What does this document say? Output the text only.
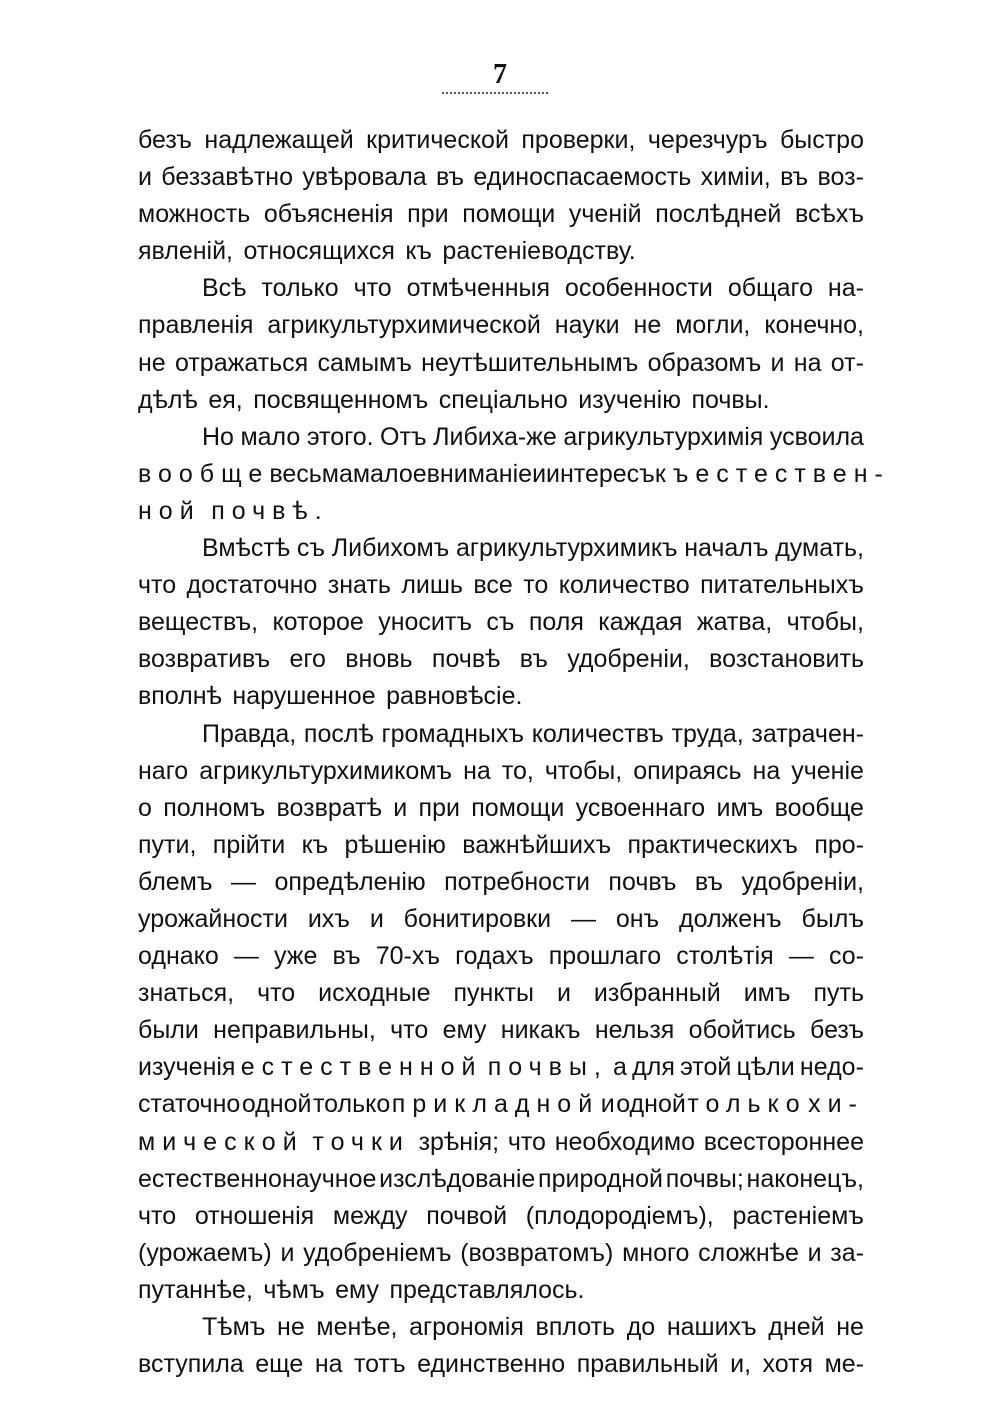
7
безъ надлежащей критической проверки, черезчуръ быстро
и беззавѣтно увѣровала въ единоспасаемость химіи, въ воз-
можность объясненія при помощи ученій послѣдней всѣхъ
явленій, относящихся къ растеніеводству.
Всѣ только что отмѣченныя особенности общаго на-
правленія агрикультурхимической науки не могли, конечно,
не отражаться самымъ неутѣшительнымъ образомъ и на от-
дѣлѣ ея, посвященномъ спеціально изученію почвы.
Но мало этого. Отъ Либиха-же агрикультурхимія усвоила
вообще весьма малое вниманіе и интересъ къ естествен-
ной почвѣ.
Вмѣстѣ съ Либихомъ агрикультурхимикъ началъ думать,
что достаточно знать лишь все то количество питательныхъ
веществъ, которое уноситъ съ поля каждая жатва, чтобы,
возвративъ его вновь почвѣ въ удобреніи, возстановить
вполнѣ нарушенное равновѣсіе.
Правда, послѣ громадныхъ количествъ труда, затрачен-
наго агрикультурхимикомъ на то, чтобы, опираясь на ученіе
о полномъ возвратѣ и при помощи усвоеннаго имъ вообще
пути, прійти къ рѣшенію важнѣйшихъ практическихъ про-
блемъ — опредѣленію потребности почвъ въ удобреніи,
урожайности ихъ и бонитировки — онъ долженъ былъ
однако — уже въ 70-хъ годахъ прошлаго столѣтія — со-
знаться, что исходные пункты и избранный имъ путь
были неправильны, что ему никакъ нельзя обойтись безъ
изученія естественной почвы, а для этой цѣли недо-
статочно одной только прикладной и одной только хи-
мической точки зрѣнія; что необходимо всестороннее
естественнонаучное изслѣдованіе природной почвы; наконецъ,
что отношенія между почвой (плодородіемъ), растеніемъ
(урожаемъ) и удобреніемъ (возвратомъ) много сложнѣе и за-
путаннѣе, чѣмъ ему представлялось.
Тѣмъ не менѣе, агрономія вплоть до нашихъ дней не
вступила еще на тотъ единственно правильный и, хотя ме-
